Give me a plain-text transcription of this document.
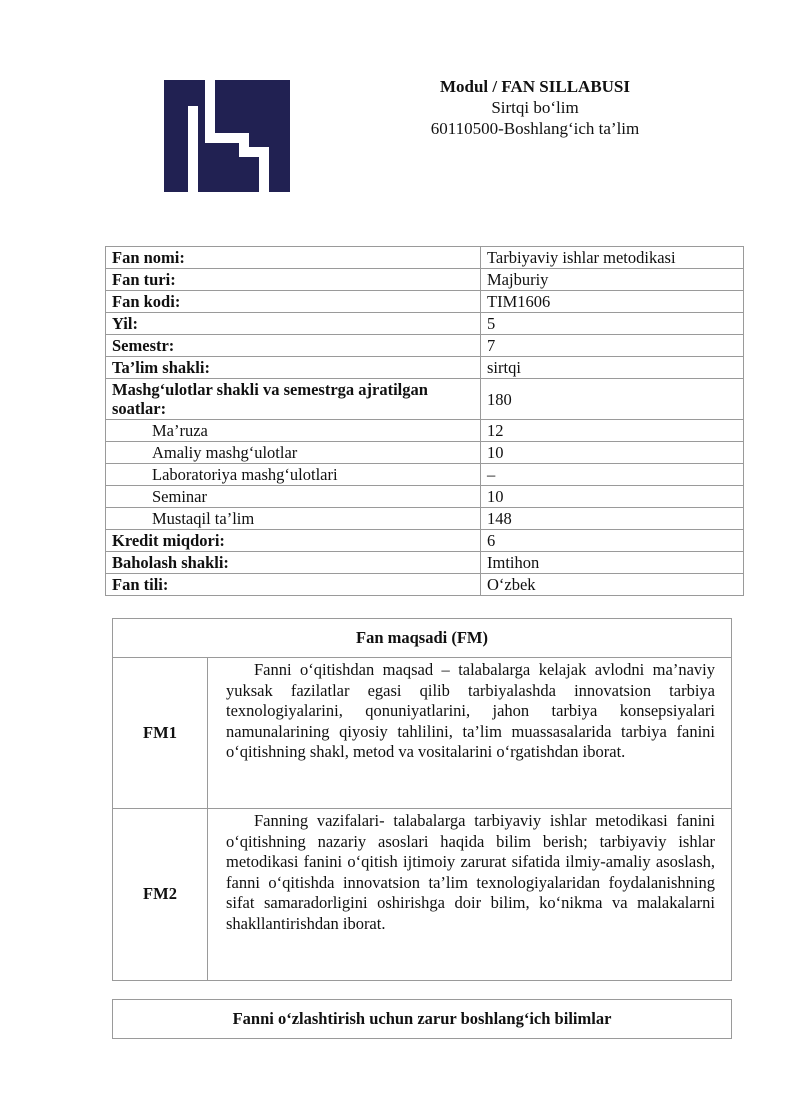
Modul / FAN SILLABUSI
Sirtqi bo‘lim
60110500-Boshlang‘ich ta’lim
Fan nomi:	Tarbiyaviy ishlar metodikasi
Fan turi:	Majburiy
Fan kodi:	TIM1606
Yil:	5
Semestr:	7
Ta’lim shakli:	sirtqi
Mashg‘ulotlar shakli va semestrga ajratilgan soatlar:	180
Ma’ruza	12
Amaliy mashg‘ulotlar	10
Laboratoriya mashg‘ulotlari	–
Seminar	10
Mustaqil ta’lim	148
Kredit miqdori:	6
Baholash shakli:	Imtihon
Fan tili:	O‘zbek
Fan maqsadi (FM)	
FM1	Fanni o‘qitishdan maqsad – talabalarga kelajak avlodni ma’naviy yuksak fazilatlar egasi qilib tarbiyalashda innovatsion tarbiya texnologiyalarini, qonuniyatlarini, jahon tarbiya konsepsiyalari namunalarining qiyosiy tahlilini, ta’lim muassasalarida tarbiya fanini o‘qitishning shakl, metod va vositalarini o‘rgatishdan iborat.

FM2	Fanning vazifalari- talabalarga tarbiyaviy ishlar metodikasi fanini o‘qitishning nazariy asoslari haqida bilim berish; tarbiyaviy ishlar metodikasi fanini o‘qitish ijtimoiy zarurat sifatida ilmiy-amaliy asoslash, fanni o‘qitishda innovatsion ta’lim texnologiyalaridan foydalanishning sifat samaradorligini oshirishga doir bilim, ko‘nikma va malakalarni shakllantirishdan iborat.

Fanni o‘zlashtirish uchun zarur boshlang‘ich bilimlar
